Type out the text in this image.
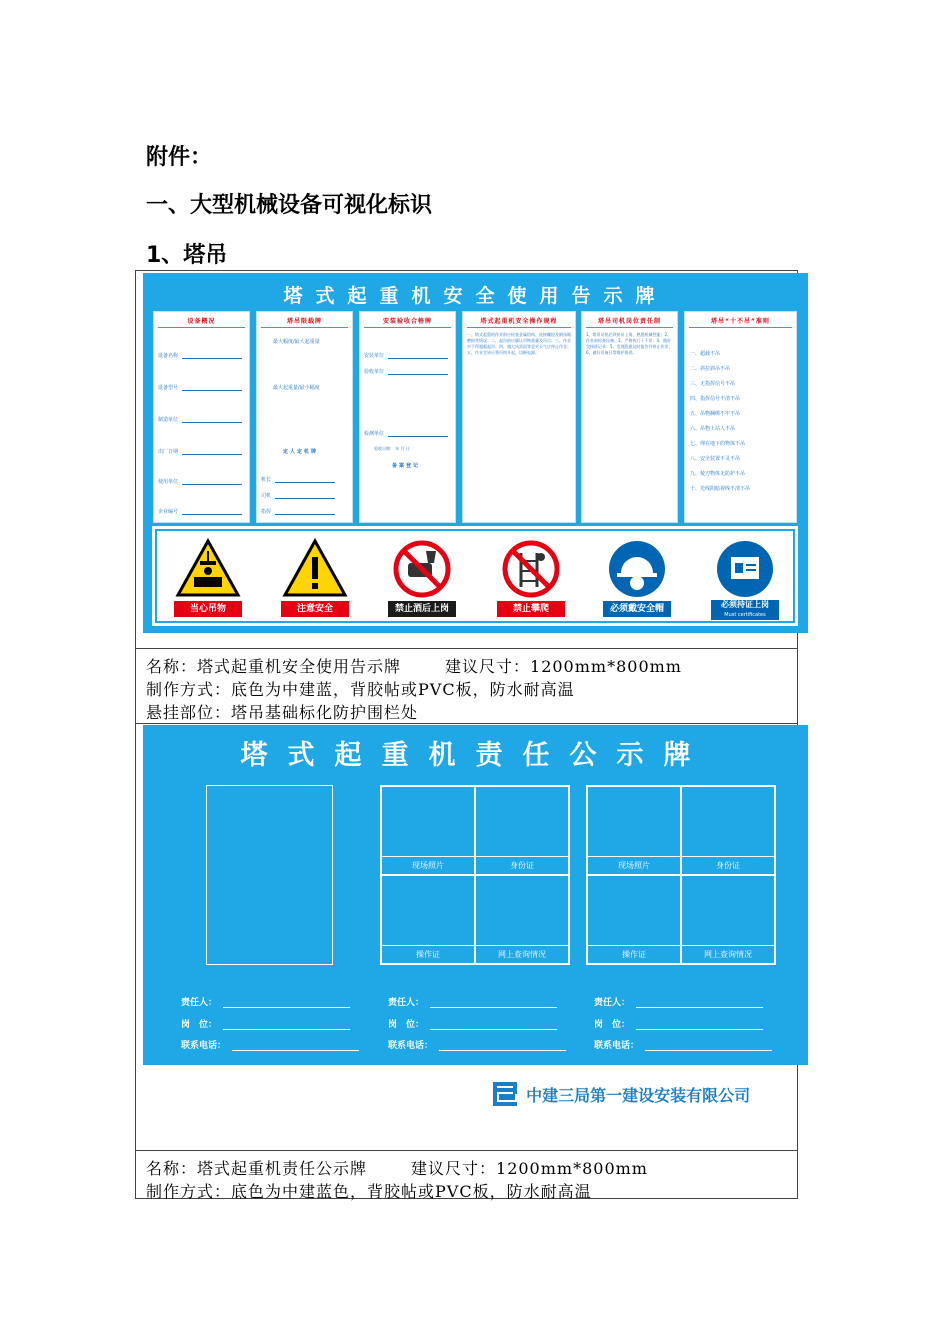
附件：
一、大型机械设备可视化标识
1、塔吊
塔式起重机安全使用告示牌
设备概况
设备名称
设备型号
制造单位
出厂日期
使用单位
企业编号
塔吊限载牌
最大幅度/最大起重量
最大起重量/最小幅度
定人定机牌
机长
司机
指挥
安装验收合格牌
安装单位
验收单位
检测单位
验收日期： 年 月 日
备案登记
塔式起重机安全操作规程
一、塔式起重机作业前应检查金属结构、连接螺栓及钢丝绳磨损等情况；二、起吊前应确认吊物重量及吊点；三、作业中不得超载起吊；四、遇大风雷雨等恶劣天气应停止作业；五、作业完毕应将吊钩升起，切断电源。
塔吊司机岗位责任制
1、塔吊司机必须持证上岗，熟悉机械性能；2、作业前检查设备；3、严格执行十不吊；4、做好交接班记录；5、发现隐患及时报告并停止作业；6、做好设备日常维护保养。
塔吊“十不吊”准则
一、超载不吊
二、斜拉斜吊不吊
三、无指挥信号不吊
四、指挥信号不清不吊
五、吊物捆绑不牢不吊
六、吊物上站人不吊
七、埋在地下的物体不吊
八、安全装置不灵不吊
九、棱刃物体无防护不吊
十、光线阴暗视线不清不吊
当心吊物	注意安全	禁止酒后上岗	禁止攀爬	必须戴安全帽	必须持证上岗
Must certificates
名称：塔式起重机安全使用告示牌	建议尺寸：1200mm*800mm
制作方式：底色为中建蓝，背胶帖或PVC板，防水耐高温
悬挂部位：塔吊基础标化防护围栏处
塔式起重机责任公示牌
现场照片	身份证
操作证	网上查询情况
现场照片	身份证
操作证	网上查询情况
责任人：
岗　位：
联系电话：
责任人：
岗　位：
联系电话：
责任人：
岗　位：
联系电话：
中建三局第一建设安装有限公司
名称：塔式起重机责任公示牌	建议尺寸：1200mm*800mm
制作方式：底色为中建蓝色，背胶帖或PVC板，防水耐高温
